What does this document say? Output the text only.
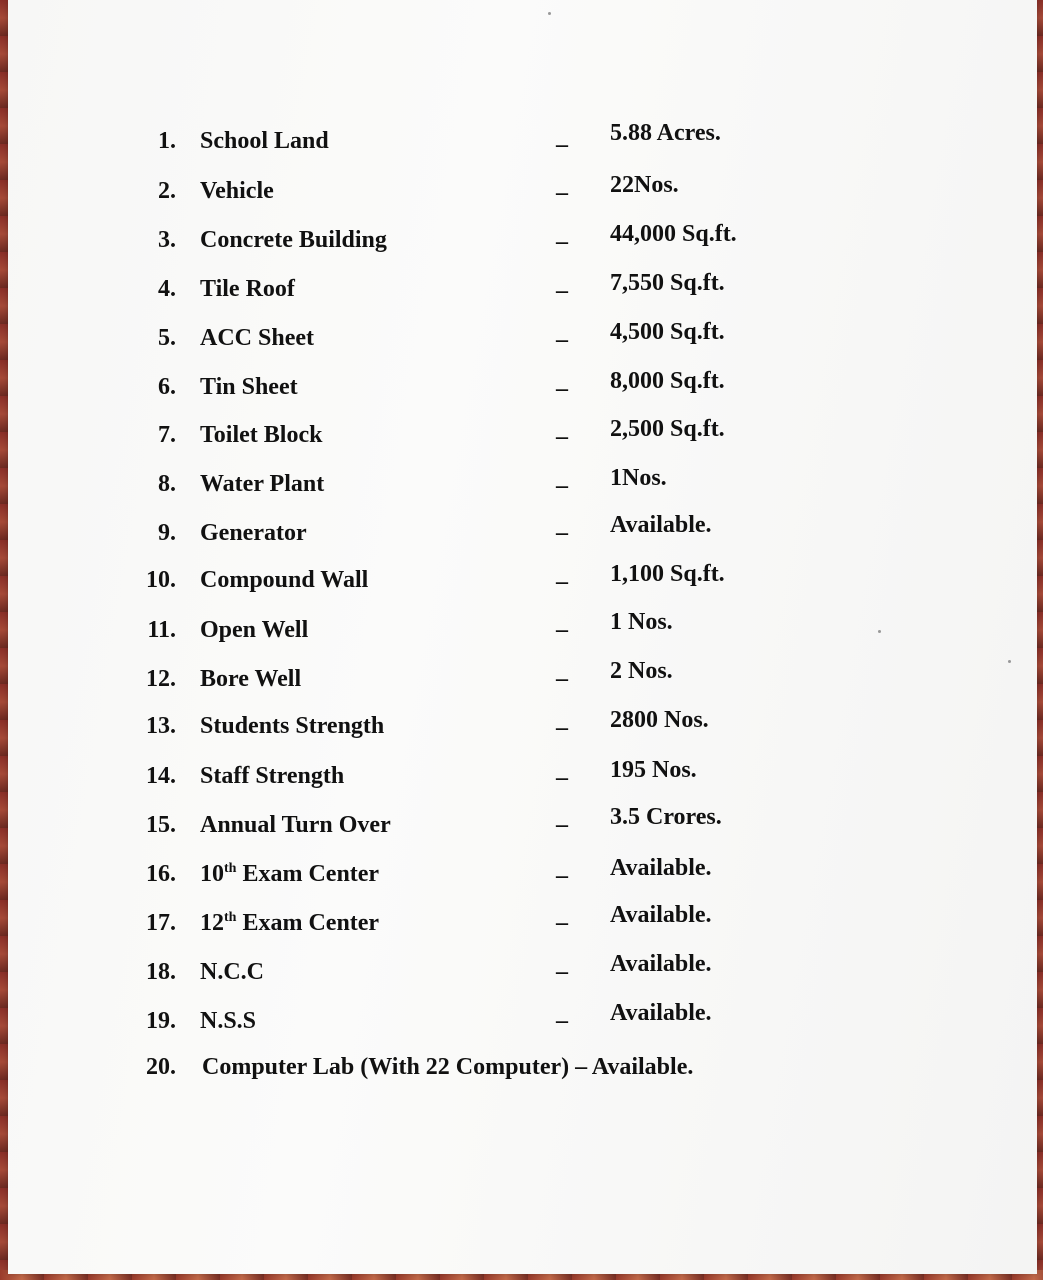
1. School Land	– 5.88 Acres.
2. Vehicle	– 22Nos.
3. Concrete Building	– 44,000 Sq.ft.
4. Tile Roof	– 7,550 Sq.ft.
5. ACC Sheet	– 4,500 Sq.ft.
6. Tin Sheet	– 8,000 Sq.ft.
7. Toilet Block	– 2,500 Sq.ft.
8. Water Plant	– 1Nos.
9. Generator	– Available.
10. Compound Wall	– 1,100 Sq.ft.
11. Open Well	– 1 Nos.
12. Bore Well	– 2 Nos.
13. Students Strength	– 2800 Nos.
14. Staff Strength	– 195 Nos.
15. Annual Turn Over	– 3.5 Crores.
16. 10th Exam Center	– Available.
17. 12th Exam Center	– Available.
18. N.C.C	– Available.
19. N.S.S	– Available.
20. Computer Lab (With 22 Computer) – Available.
